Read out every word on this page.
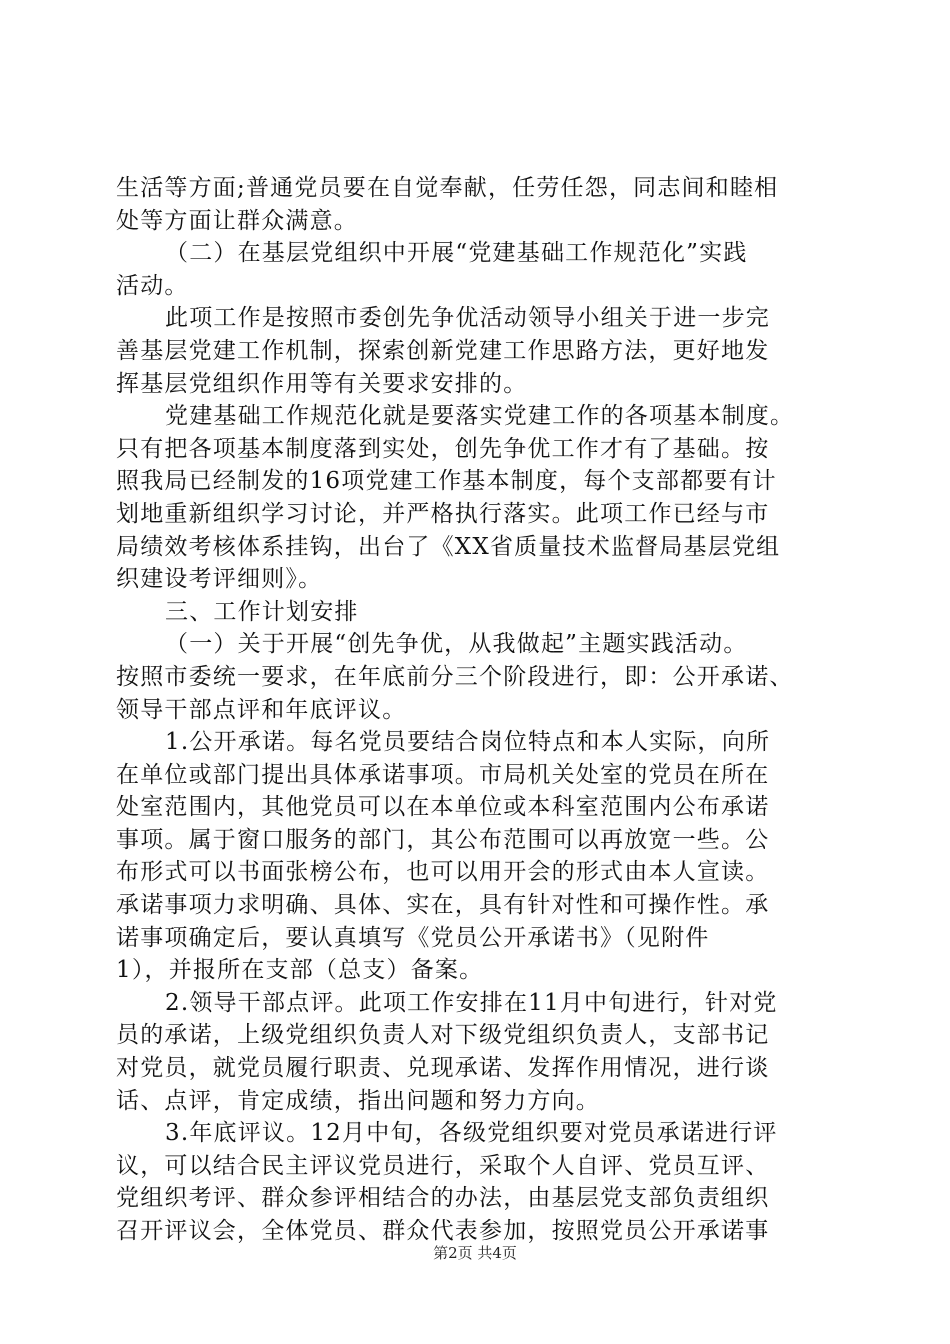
生活等方面;普通党员要在自觉奉献，任劳任怨，同志间和睦相
处等方面让群众满意。
（二）在基层党组织中开展“党建基础工作规范化”实践
活动。
此项工作是按照市委创先争优活动领导小组关于进一步完
善基层党建工作机制，探索创新党建工作思路方法，更好地发
挥基层党组织作用等有关要求安排的。
党建基础工作规范化就是要落实党建工作的各项基本制度。
只有把各项基本制度落到实处，创先争优工作才有了基础。按
照我局已经制发的16项党建工作基本制度，每个支部都要有计
划地重新组织学习讨论，并严格执行落实。此项工作已经与市
局绩效考核体系挂钩，出台了《XX省质量技术监督局基层党组
织建设考评细则》。
三、工作计划安排
（一）关于开展“创先争优，从我做起”主题实践活动。
按照市委统一要求，在年底前分三个阶段进行，即：公开承诺、
领导干部点评和年底评议。
1.公开承诺。每名党员要结合岗位特点和本人实际，向所
在单位或部门提出具体承诺事项。市局机关处室的党员在所在
处室范围内，其他党员可以在本单位或本科室范围内公布承诺
事项。属于窗口服务的部门，其公布范围可以再放宽一些。公
布形式可以书面张榜公布，也可以用开会的形式由本人宣读。
承诺事项力求明确、具体、实在，具有针对性和可操作性。承
诺事项确定后，要认真填写《党员公开承诺书》（见附件
1），并报所在支部（总支）备案。
2.领导干部点评。此项工作安排在11月中旬进行，针对党
员的承诺，上级党组织负责人对下级党组织负责人，支部书记
对党员，就党员履行职责、兑现承诺、发挥作用情况，进行谈
话、点评，肯定成绩，指出问题和努力方向。
3.年底评议。12月中旬，各级党组织要对党员承诺进行评
议，可以结合民主评议党员进行，采取个人自评、党员互评、
党组织考评、群众参评相结合的办法，由基层党支部负责组织
召开评议会，全体党员、群众代表参加，按照党员公开承诺事
第2页 共4页
